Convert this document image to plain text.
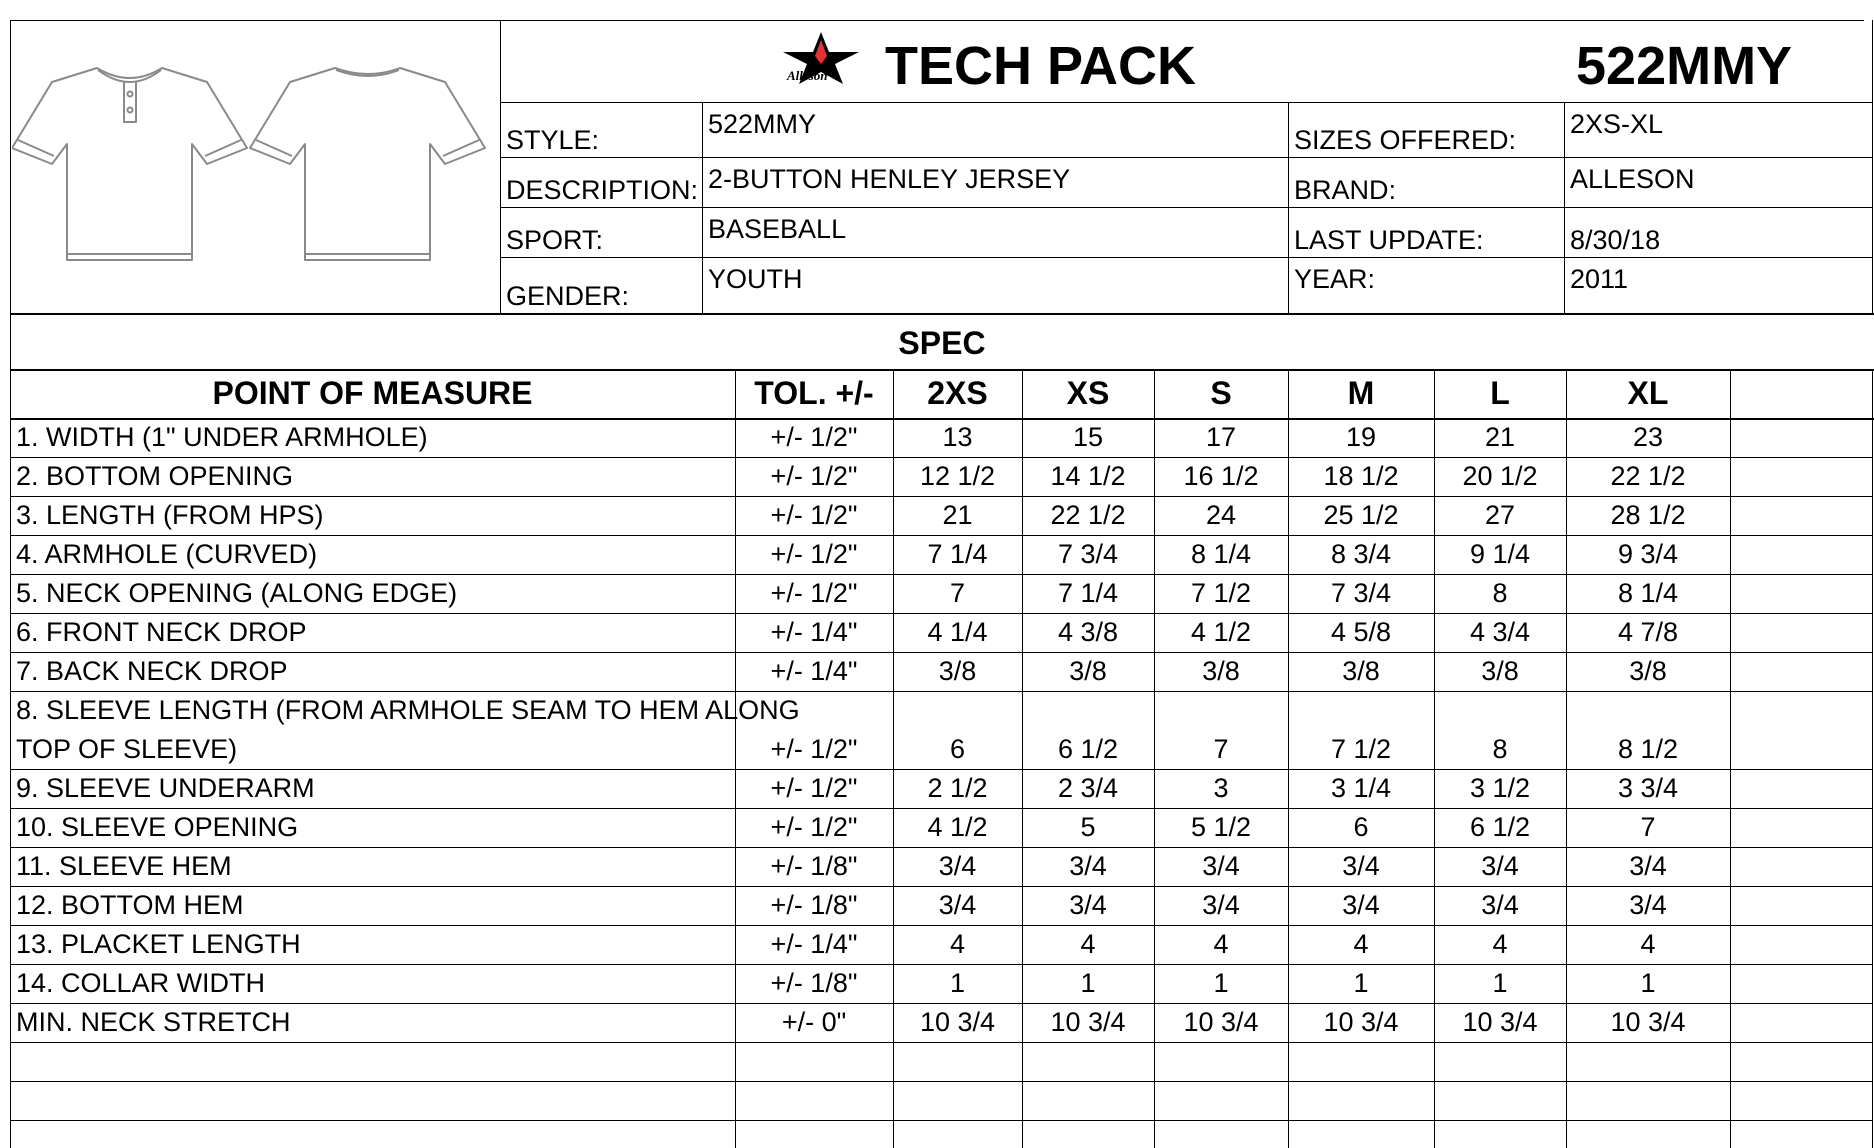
Alleson TECH PACK	522MMY
STYLE:
522MMY
DESCRIPTION: 2-BUTTON HENLEY JERSEY
SPORT:	BASEBALL
GENDER:
YOUTH
SIZES OFFERED:
2XS-XL
BRAND:	ALLESON
LAST UPDATE:	8/30/18
YEAR:	2011
SPEC
POINT OF MEASURE	TOL. +/-	2XS	XS	S	M	L	XL
1. WIDTH (1" UNDER ARMHOLE)	+/- 1/2"	13	15	17	19	21	23
2. BOTTOM OPENING	+/- 1/2"	12 1/2	14 1/2	16 1/2	18 1/2	20 1/2	22 1/2
3. LENGTH (FROM HPS)	+/- 1/2"	21	22 1/2	24	25 1/2	27	28 1/2
4. ARMHOLE (CURVED)	+/- 1/2"	7 1/4	7 3/4	8 1/4	8 3/4	9 1/4	9 3/4
5. NECK OPENING (ALONG EDGE)	+/- 1/2"	7	7 1/4	7 1/2	7 3/4	8	8 1/4
6. FRONT NECK DROP	+/- 1/4"	4 1/4	4 3/8	4 1/2	4 5/8	4 3/4	4 7/8
7. BACK NECK DROP	+/- 1/4"	3/8	3/8	3/8	3/8	3/8	3/8
8. SLEEVE LENGTH (FROM ARMHOLE SEAM TO HEM ALONG
TOP OF SLEEVE)	+/- 1/2"	6	6 1/2	7	7 1/2	8	8 1/2
9. SLEEVE UNDERARM	+/- 1/2"	2 1/2	2 3/4	3	3 1/4	3 1/2	3 3/4
10. SLEEVE OPENING	+/- 1/2"	4 1/2	5	5 1/2	6	6 1/2	7
11. SLEEVE HEM	+/- 1/8"	3/4	3/4	3/4	3/4	3/4	3/4
12. BOTTOM HEM	+/- 1/8"	3/4	3/4	3/4	3/4	3/4	3/4
13. PLACKET LENGTH	+/- 1/4"	4	4	4	4	4	4
14. COLLAR WIDTH	+/- 1/8"	1	1	1	1	1	1
MIN. NECK STRETCH	+/- 0"	10 3/4	10 3/4	10 3/4	10 3/4	10 3/4	10 3/4
